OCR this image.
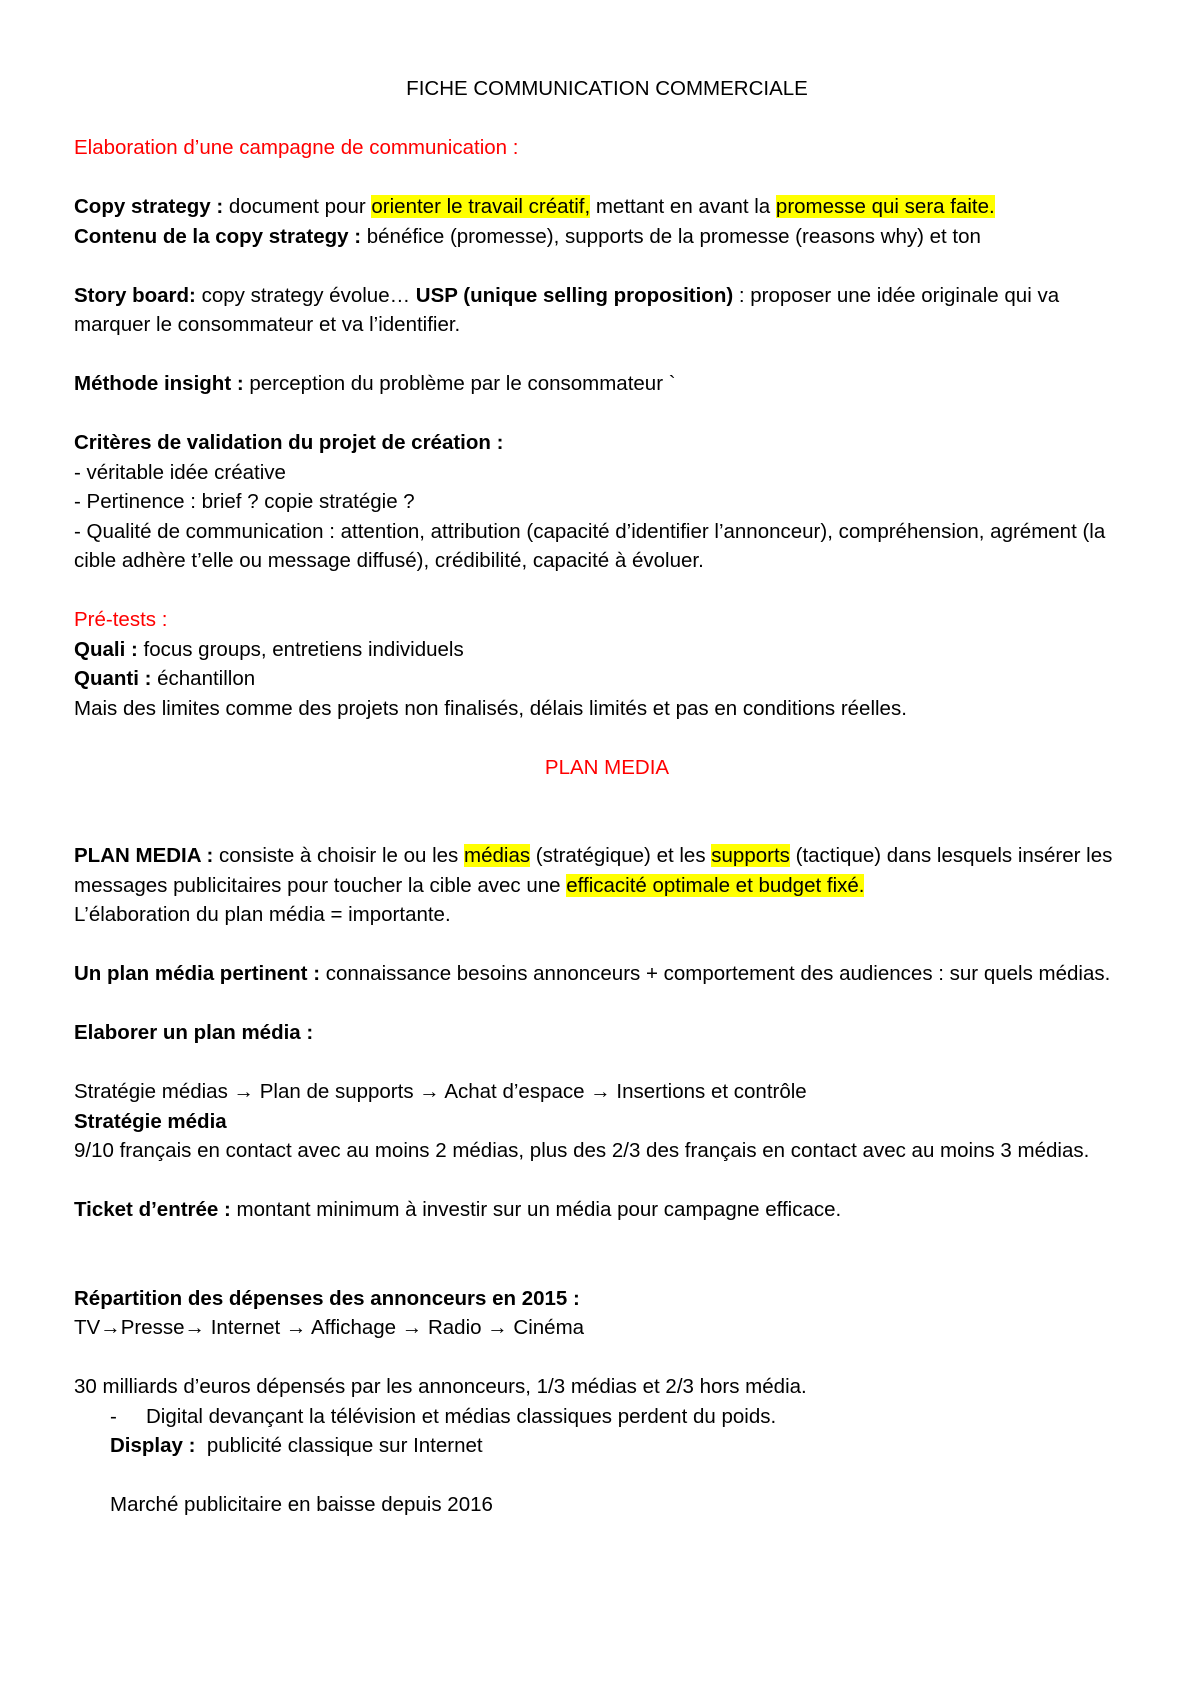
FICHE COMMUNICATION COMMERCIALE

Elaboration d’une campagne de communication :

Copy strategy : document pour orienter le travail créatif, mettant en avant la promesse qui sera faite.

Contenu de la copy strategy : bénéfice (promesse), supports de la promesse (reasons why) et ton

Story board: copy strategy évolue… USP (unique selling proposition) : proposer une idée originale qui va marquer le consommateur et va l’identifier.

Méthode insight : perception du problème par le consommateur `

Critères de validation du projet de création :

- véritable idée créative

- Pertinence : brief ? copie stratégie ?

- Qualité de communication : attention, attribution (capacité d’identifier l’annonceur), compréhension, agrément (la cible adhère t’elle ou message diffusé), crédibilité, capacité à évoluer.

Pré-tests :

Quali : focus groups, entretiens individuels

Quanti : échantillon

Mais des limites comme des projets non finalisés, délais limités et pas en conditions réelles.

PLAN MEDIA

PLAN MEDIA : consiste à choisir le ou les médias (stratégique) et les supports (tactique) dans lesquels insérer les messages publicitaires pour toucher la cible avec une efficacité optimale et budget fixé.

L’élaboration du plan média = importante.

Un plan média pertinent : connaissance besoins annonceurs + comportement des audiences : sur quels médias.

Elaborer un plan média :

Stratégie médias → Plan de supports → Achat d’espace → Insertions et contrôle

Stratégie média

9/10 français en contact avec au moins 2 médias, plus des 2/3 des français en contact avec au moins 3 médias.

Ticket d’entrée : montant minimum à investir sur un média pour campagne efficace.

Répartition des dépenses des annonceurs en 2015 :

TV→Presse→ Internet → Affichage → Radio → Cinéma

30 milliards d’euros dépensés par les annonceurs, 1/3 médias et 2/3 hors média.

- Digital devançant la télévision et médias classiques perdent du poids.

Display :  publicité classique sur Internet

Marché publicitaire en baisse depuis 2016
